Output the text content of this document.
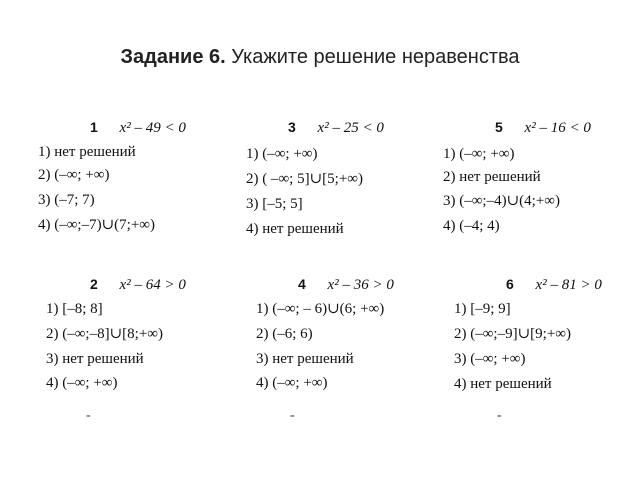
Задание 6. Укажите решение неравенства
1 x² – 49 < 0
1) нет решений
2) (–∞; +∞)
3) (–7; 7)
4) (–∞;–7)∪(7;+∞)
3 x² – 25 < 0
1) (–∞; +∞)
2) ( –∞; 5]∪[5;+∞)
3) [–5; 5]
4) нет решений
5 x² – 16 < 0
1) (–∞; +∞)
2) нет решений
3) (–∞;–4)∪(4;+∞)
4) (–4; 4)
2 x² – 64 > 0
1) [–8; 8]
2) (–∞;–8]∪[8;+∞)
3) нет решений
4) (–∞; +∞)
4 x² – 36 > 0
1) (–∞; – 6)∪(6; +∞)
2) (–6; 6)
3) нет решений
4) (–∞; +∞)
6 x² – 81 > 0
1) [–9; 9]
2) (–∞;–9]∪[9;+∞)
3) (–∞; +∞)
4) нет решений
-	-	-
